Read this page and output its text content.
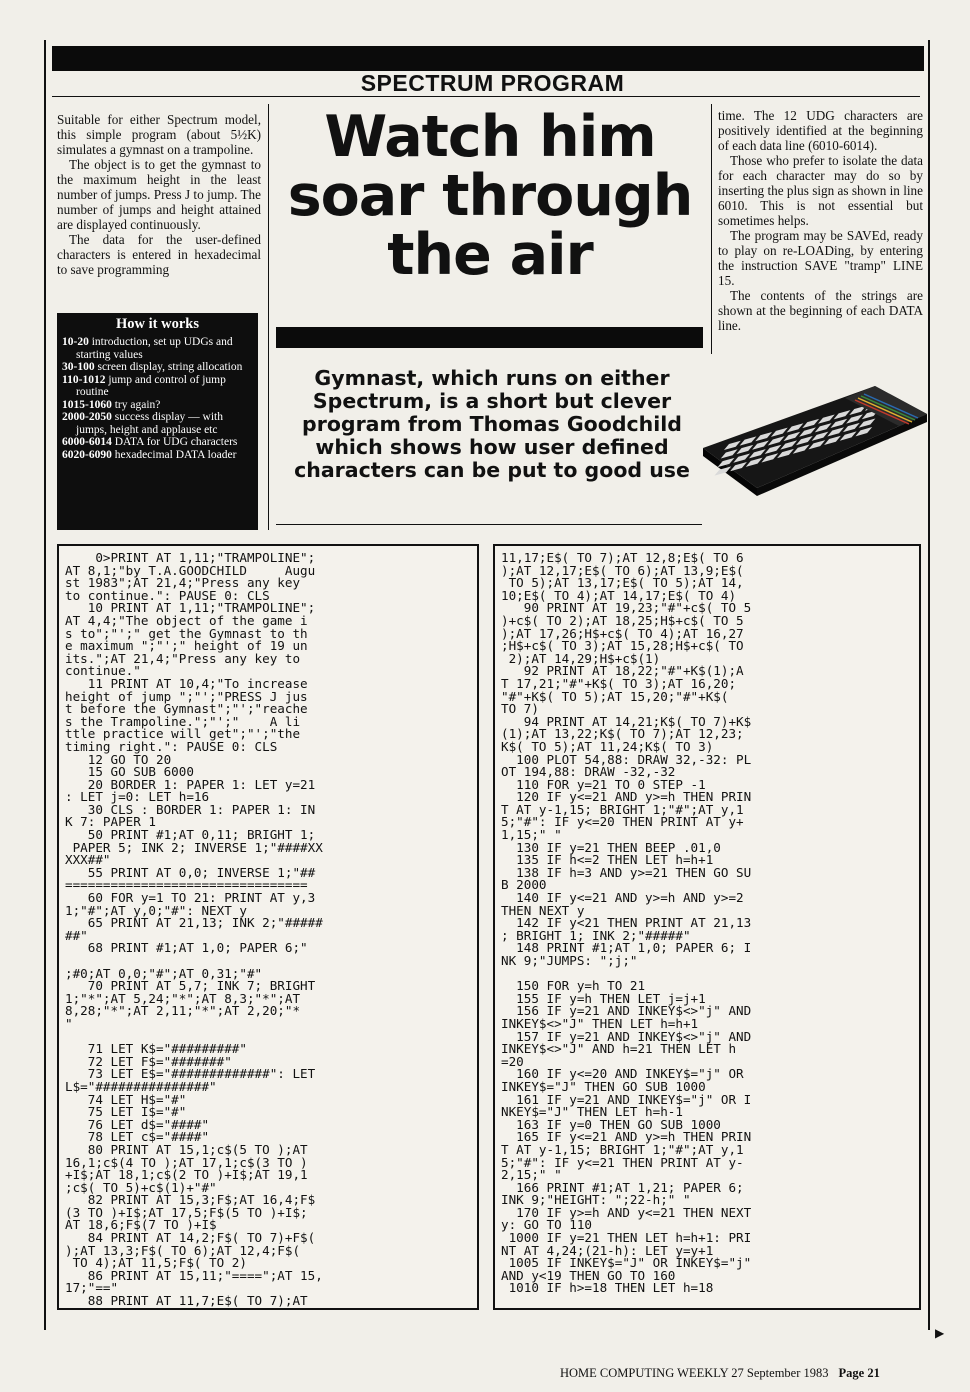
SPECTRUM PROGRAM

Suitable for either Spectrum model, this simple program (about 5½K) simulates a gymnast on a trampoline.

The object is to get the gymnast to the maximum height in the least number of jumps. Press J to jump. The number of jumps and height attained are displayed continuously.

The data for the user-defined characters is entered in hexadecimal to save programming

Watch him soar through the air
Gymnast, which runs on either Spectrum, is a short but clever program from Thomas Goodchild which shows how user defined characters can be put to good use

time. The 12 UDG characters are positively identified at the beginning of each data line (6010-6014).

Those who prefer to isolate the data for each character may do so by inserting the plus sign as shown in line 6010. This is not essential but sometimes helps.

The program may be SAVEd, ready to play on re-LOADing, by entering the instruction SAVE "tramp" LINE 15.

The contents of the strings are shown at the beginning of each DATA line.

How it works
10-20 introduction, set up UDGs and starting values
30-100 screen display, string allocation
110-1012 jump and control of jump routine
1015-1060 try again?
2000-2050 success display — with jumps, height and applause etc
6000-6014 DATA for UDG characters
6020-6090 hexadecimal DATA loader
0>PRINT AT 1,11;"TRAMPOLINE";
AT 8,1;"by T.A.GOODCHILD     Augu
st 1983";AT 21,4;"Press any key
to continue.": PAUSE 0: CLS
10 PRINT AT 1,11;"TRAMPOLINE";
AT 4,4;"The object of the game i
s to";"';" get the Gymnast to th
e maximum ";"';" height of 19 un
its.";AT 21,4;"Press any key to
continue."
11 PRINT AT 10,4;"To increase
height of jump ";"';"PRESS J jus
t before the Gymnast";"';"reache
s the Trampoline.";"';"    A li
ttle practice will get";"';"the
timing right.": PAUSE 0: CLS
12 GO TO 20
15 GO SUB 6000
20 BORDER 1: PAPER 1: LET y=21
: LET j=0: LET h=16
30 CLS : BORDER 1: PAPER 1: IN
K 7: PAPER 1
50 PRINT #1;AT 0,11; BRIGHT 1;
PAPER 5; INK 2; INVERSE 1;"####XX
XXX##"
55 PRINT AT 0,0; INVERSE 1;"##
================================
60 FOR y=1 TO 21: PRINT AT y,3
1;"#";AT y,0;"#": NEXT y
65 PRINT AT 21,13; INK 2;"#####
##"
68 PRINT #1;AT 1,0; PAPER 6;"

;#0;AT 0,0;"#";AT 0,31;"#"
70 PRINT AT 5,7; INK 7; BRIGHT
1;"*";AT 5,24;"*";AT 8,3;"*";AT
8,28;"*";AT 2,11;"*";AT 2,20;"*
"

71 LET K$="#########"
72 LET F$="#######"
73 LET E$="#############": LET
L$="###############"
74 LET H$="#"
75 LET I$="#"
76 LET d$="####"
78 LET c$="####"
80 PRINT AT 15,1;c$(5 TO );AT
16,1;c$(4 TO );AT 17,1;c$(3 TO )
+I$;AT 18,1;c$(2 TO )+I$;AT 19,1
;c$( TO 5)+c$(1)+"#"
82 PRINT AT 15,3;F$;AT 16,4;F$
(3 TO )+I$;AT 17,5;F$(5 TO )+I$;
AT 18,6;F$(7 TO )+I$
84 PRINT AT 14,2;F$( TO 7)+F$(
);AT 13,3;F$( TO 6);AT 12,4;F$(
TO 4);AT 11,5;F$( TO 2)
86 PRINT AT 15,11;"====";AT 15,
17;"=="
88 PRINT AT 11,7;E$( TO 7);AT
11,17;E$( TO 7);AT 12,8;E$( TO 6
);AT 12,17;E$( TO 6);AT 13,9;E$(
TO 5);AT 13,17;E$( TO 5);AT 14,
10;E$( TO 4);AT 14,17;E$( TO 4)
90 PRINT AT 19,23;"#"+c$( TO 5
)+c$( TO 2);AT 18,25;H$+c$( TO 5
);AT 17,26;H$+c$( TO 4);AT 16,27
;H$+c$( TO 3);AT 15,28;H$+c$( TO
2);AT 14,29;H$+c$(1)
92 PRINT AT 18,22;"#"+K$(1);A
T 17,21;"#"+K$( TO 3);AT 16,20;
"#"+K$( TO 5);AT 15,20;"#"+K$(
TO 7)
94 PRINT AT 14,21;K$( TO 7)+K$
(1);AT 13,22;K$( TO 7);AT 12,23;
K$( TO 5);AT 11,24;K$( TO 3)
100 PLOT 54,88: DRAW 32,-32: PL
OT 194,88: DRAW -32,-32
110 FOR y=21 TO 0 STEP -1
120 IF y<=21 AND y>=h THEN PRIN
T AT y-1,15; BRIGHT 1;"#";AT y,1
5;"#": IF y<=20 THEN PRINT AT y+
1,15;" "
130 IF y=21 THEN BEEP .01,0
135 IF h<=2 THEN LET h=h+1
138 IF h=3 AND y>=21 THEN GO SU
B 2000
140 IF y<=21 AND y>=h AND y>=2
THEN NEXT y
142 IF y<21 THEN PRINT AT 21,13
; BRIGHT 1; INK 2;"#####"
148 PRINT #1;AT 1,0; PAPER 6; I
NK 9;"JUMPS: ";j;"

150 FOR y=h TO 21
155 IF y=h THEN LET j=j+1
156 IF y=21 AND INKEY$<>"j" AND
INKEY$<>"J" THEN LET h=h+1
157 IF y=21 AND INKEY$<>"j" AND
INKEY$<>"J" AND h=21 THEN LET h
=20
160 IF y<=20 AND INKEY$="j" OR
INKEY$="J" THEN GO SUB 1000
161 IF y=21 AND INKEY$="j" OR I
NKEY$="J" THEN LET h=h-1
163 IF y=0 THEN GO SUB 1000
165 IF y<=21 AND y>=h THEN PRIN
T AT y-1,15; BRIGHT 1;"#";AT y,1
5;"#": IF y<=21 THEN PRINT AT y-
2,15;" "
166 PRINT #1;AT 1,21; PAPER 6;
INK 9;"HEIGHT: ";22-h;" "
170 IF y>=h AND y<=21 THEN NEXT
y: GO TO 110
1000 IF y=21 THEN LET h=h+1: PRI
NT AT 4,24;(21-h): LET y=y+1
1005 IF INKEY$="J" OR INKEY$="j"
AND y<19 THEN GO TO 160
1010 IF h>=18 THEN LET h=18
▶
HOME COMPUTING WEEKLY 27 September 1983 Page 21
